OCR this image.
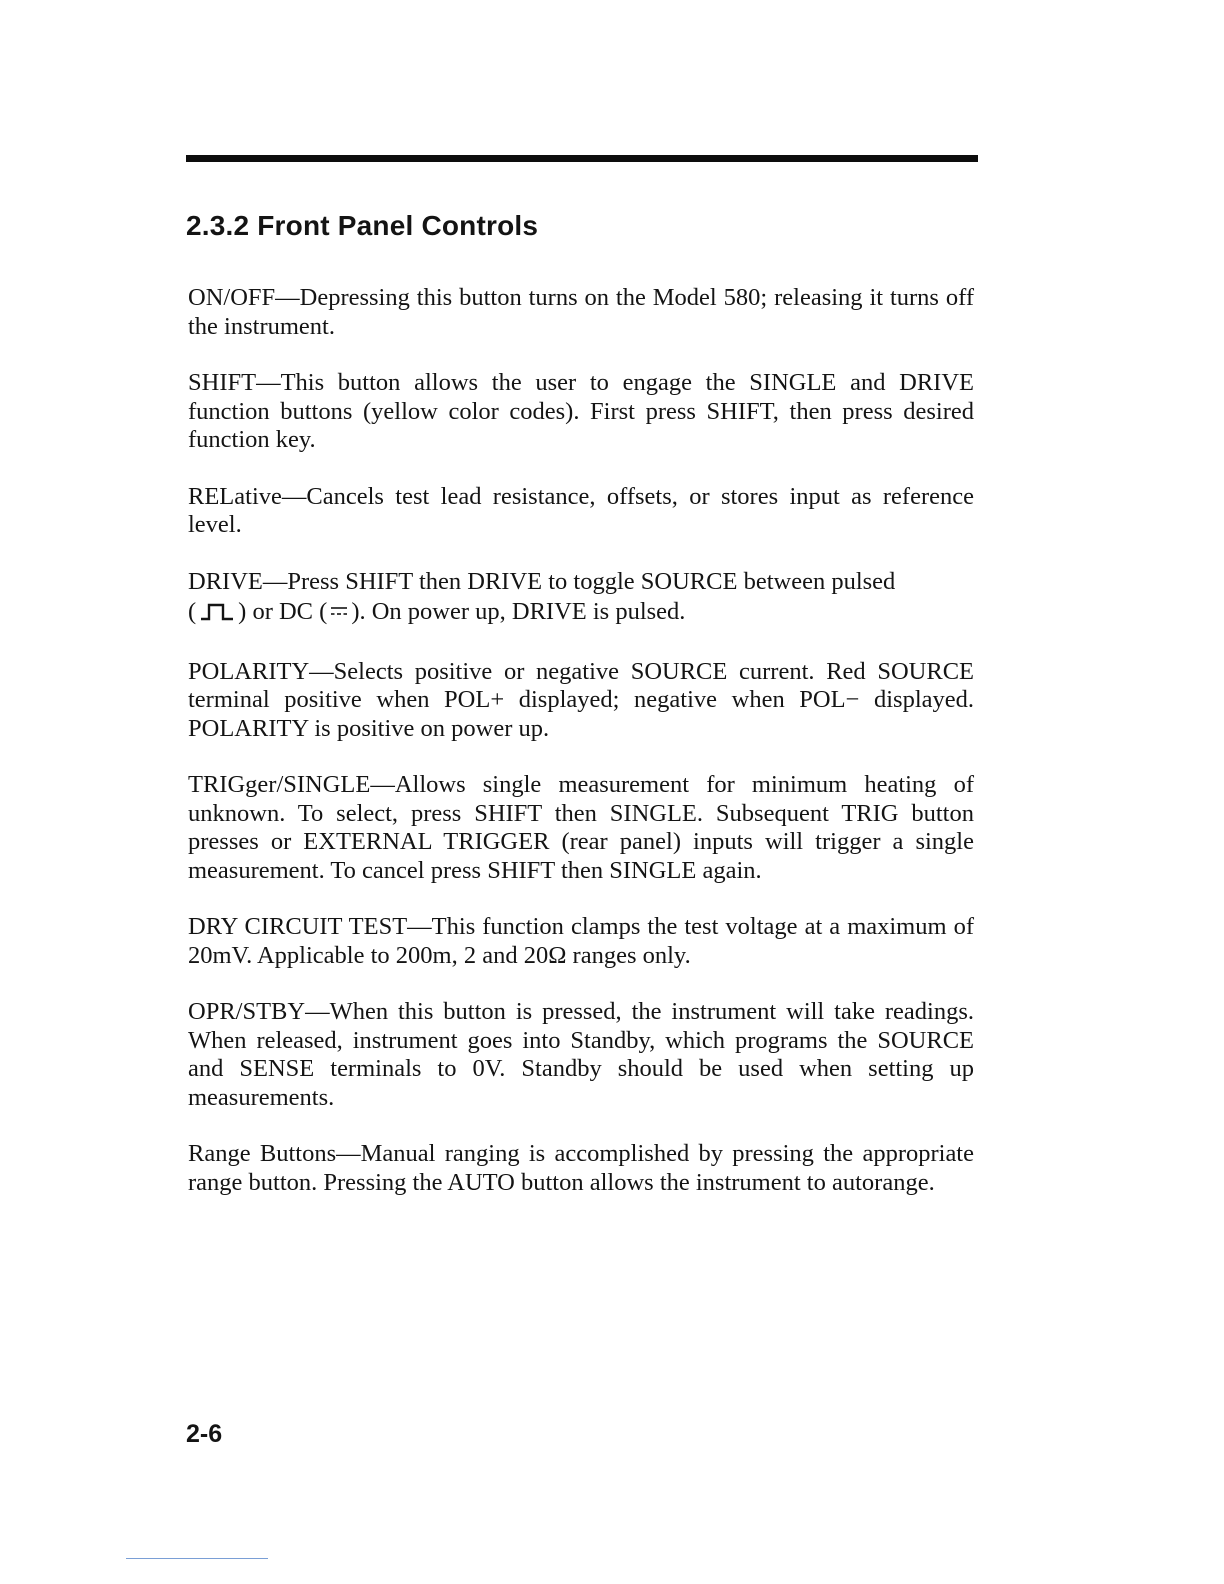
2.3.2 Front Panel Controls

ON/OFF—Depressing this button turns on the Model 580; releasing it turns off the instrument.

SHIFT—This button allows the user to engage the SINGLE and DRIVE function buttons (yellow color codes). First press SHIFT, then press desired function key.

RELative—Cancels test lead resistance, offsets, or stores input as reference level.

DRIVE—Press SHIFT then DRIVE to toggle SOURCE between pulsed
( ) or DC ( ). On power up, DRIVE is pulsed.

POLARITY—Selects positive or negative SOURCE current. Red SOURCE terminal positive when POL+ displayed; negative when POL− displayed. POLARITY is positive on power up.

TRIGger/SINGLE—Allows single measurement for minimum heating of unknown. To select, press SHIFT then SINGLE. Subsequent TRIG button presses or EXTERNAL TRIGGER (rear panel) inputs will trigger a single measurement. To cancel press SHIFT then SINGLE again.

DRY CIRCUIT TEST—This function clamps the test voltage at a maximum of 20mV. Applicable to 200m, 2 and 20Ω ranges only.

OPR/STBY—When this button is pressed, the instrument will take readings. When released, instrument goes into Standby, which programs the SOURCE and SENSE terminals to 0V. Standby should be used when setting up measurements.

Range Buttons—Manual ranging is accomplished by pressing the appropriate range button. Pressing the AUTO button allows the instrument to autorange.

2-6
